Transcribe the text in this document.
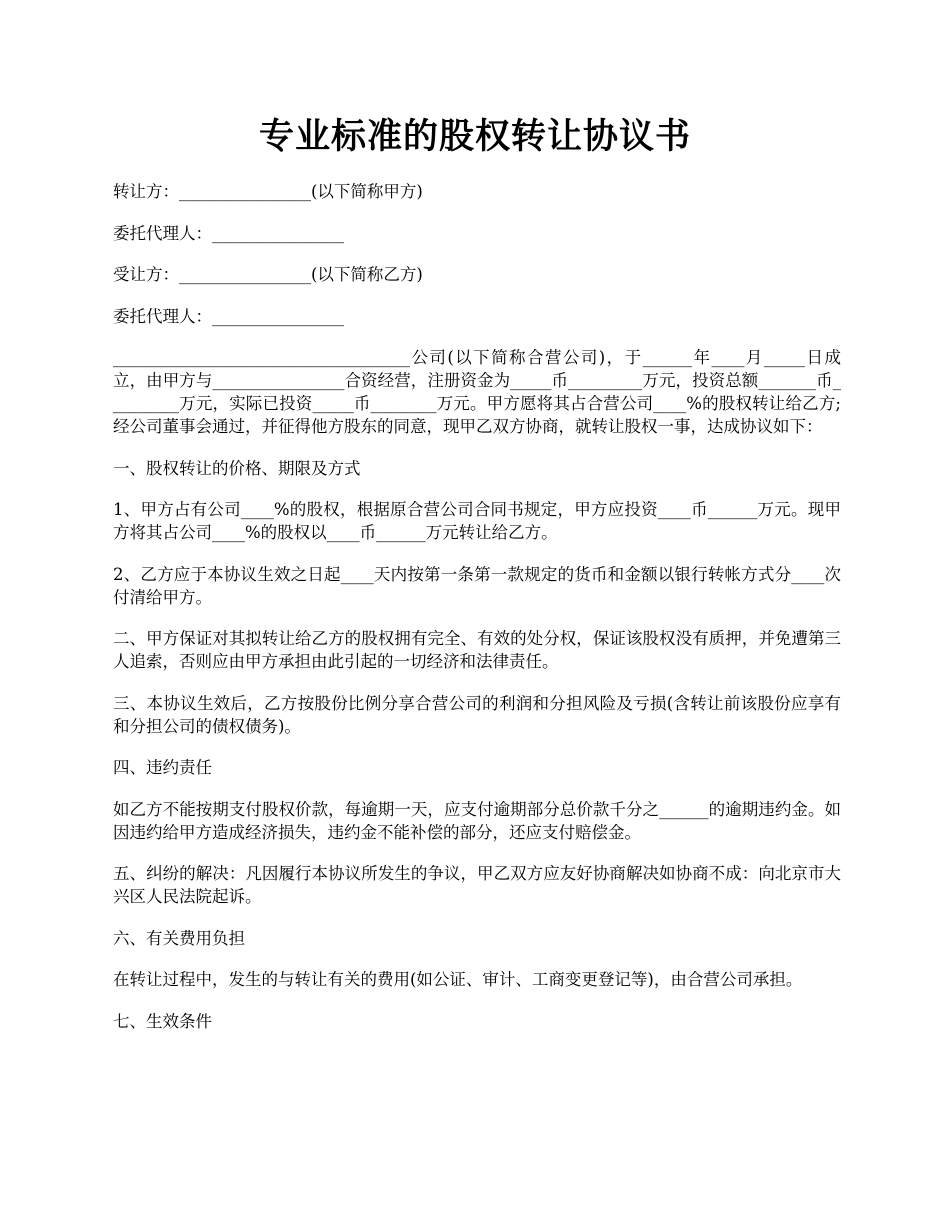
专业标准的股权转让协议书

转让方：________________(以下简称甲方)

委托代理人：________________

受让方：________________(以下简称乙方)

委托代理人：________________

____________________________________公司(以下简称合营公司)，于______年____月_____日成立，由甲方与________________合资经营，注册资金为_____币_________万元，投资总额_______币_________万元，实际已投资_____币________万元。甲方愿将其占合营公司____%的股权转让给乙方;经公司董事会通过，并征得他方股东的同意，现甲乙双方协商，就转让股权一事，达成协议如下：

一、股权转让的价格、期限及方式

1、甲方占有公司____%的股权，根据原合营公司合同书规定，甲方应投资____币______万元。现甲方将其占公司____%的股权以____币______万元转让给乙方。

2、乙方应于本协议生效之日起____天内按第一条第一款规定的货币和金额以银行转帐方式分____次付清给甲方。

二、甲方保证对其拟转让给乙方的股权拥有完全、有效的处分权，保证该股权没有质押，并免遭第三人追索，否则应由甲方承担由此引起的一切经济和法律责任。

三、本协议生效后，乙方按股份比例分享合营公司的利润和分担风险及亏损(含转让前该股份应享有和分担公司的债权债务)。

四、违约责任

如乙方不能按期支付股权价款，每逾期一天，应支付逾期部分总价款千分之______的逾期违约金。如因违约给甲方造成经济损失，违约金不能补偿的部分，还应支付赔偿金。

五、纠纷的解决：凡因履行本协议所发生的争议，甲乙双方应友好协商解决如协商不成：向北京市大兴区人民法院起诉。

六、有关费用负担

在转让过程中，发生的与转让有关的费用(如公证、审计、工商变更登记等)，由合营公司承担。

七、生效条件
